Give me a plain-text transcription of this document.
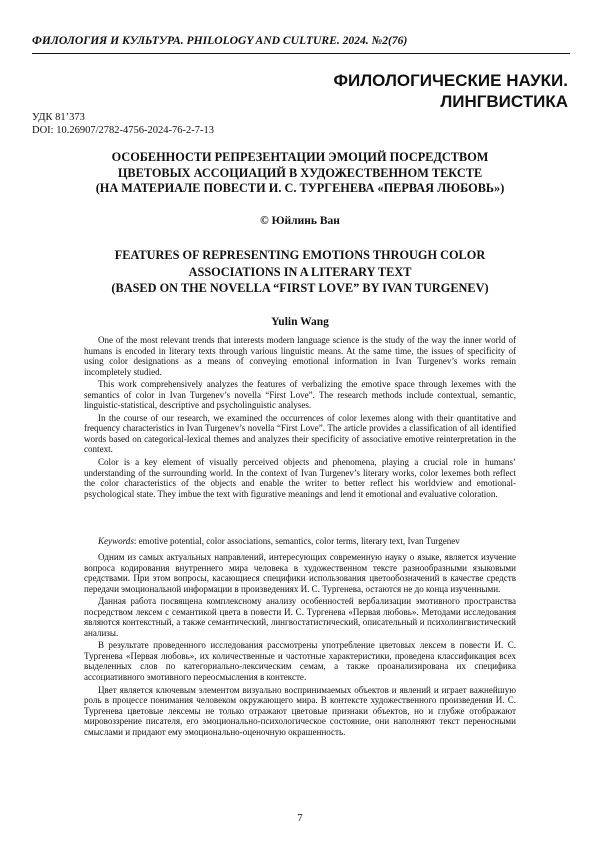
ФИЛОЛОГИЯ И КУЛЬТУРА. PHILOLOGY AND CULTURE. 2024. №2(76)
ФИЛОЛОГИЧЕСКИЕ НАУКИ.
ЛИНГВИСТИКА
УДК 81’373
DOI: 10.26907/2782-4756-2024-76-2-7-13
ОСОБЕННОСТИ РЕПРЕЗЕНТАЦИИ ЭМОЦИЙ ПОСРЕДСТВОМ
ЦВЕТОВЫХ АССОЦИАЦИЙ В ХУДОЖЕСТВЕННОМ ТЕКСТЕ
(НА МАТЕРИАЛЕ ПОВЕСТИ И. С. ТУРГЕНЕВА «ПЕРВАЯ ЛЮБОВЬ»)
© Юйлинь Ван
FEATURES OF REPRESENTING EMOTIONS THROUGH COLOR
ASSOCIATIONS IN A LITERARY TEXT
(BASED ON THE NOVELLA “FIRST LOVE” BY IVAN TURGENEV)
Yulin Wang

One of the most relevant trends that interests modern language science is the study of the way the inner world of humans is encoded in literary texts through various linguistic means. At the same time, the issues of specificity of using color designations as a means of conveying emotional information in Ivan Turgenev’s works remain incompletely studied.

This work comprehensively analyzes the features of verbalizing the emotive space through lexemes with the semantics of color in Ivan Turgenev’s novella “First Love”. The research methods include contextual, semantic, linguistic-statistical, descriptive and psycholinguistic analyses.

In the course of our research, we examined the occurrences of color lexemes along with their quantitative and frequency characteristics in Ivan Turgenev’s novella “First Love”. The article provides a classification of all identified words based on categorical-lexical themes and analyzes their specificity of associative emotive reinterpretation in the context.

Color is a key element of visually perceived objects and phenomena, playing a crucial role in humans’ understanding of the surrounding world. In the context of Ivan Turgenev’s literary works, color lexemes both reflect the color characteristics of the objects and enable the writer to better reflect his worldview and emotional-psychological state. They imbue the text with figurative meanings and lend it emotional and evaluative coloration.

Keywords: emotive potential, color associations, semantics, color terms, literary text, Ivan Turgenev

Одним из самых актуальных направлений, интересующих современную науку о языке, является изучение вопроса кодирования внутреннего мира человека в художественном тексте разнообразными языковыми средствами. При этом вопросы, касающиеся специфики использования цветообозначений в качестве средств передачи эмоциональной информации в произведениях И. С. Тургенева, остаются не до конца изученными.

Данная работа посвящена комплексному анализу особенностей вербализации эмотивного пространства посредством лексем с семантикой цвета в повести И. С. Тургенева «Первая любовь». Методами исследования являются контекстный, а также семантический, лингвостатистический, описательный и психолингвистический анализы.

В результате проведенного исследования рассмотрены употребление цветовых лексем в повести И. С. Тургенева «Первая любовь», их количественные и частотные характеристики, проведена классификация всех выделенных слов по категориально-лексическим семам, а также проанализирована их специфика ассоциативного эмотивного переосмысления в контексте.

Цвет является ключевым элементом визуально воспринимаемых объектов и явлений и играет важнейшую роль в процессе понимания человеком окружающего мира. В контексте художественного произведения И. С. Тургенева цветовые лексемы не только отражают цветовые признаки объектов, но и глубже отображают мировоззрение писателя, его эмоционально-психологическое состояние, они наполняют текст переносными смыслами и придают ему эмоционально-оценочную окрашенность.

7
